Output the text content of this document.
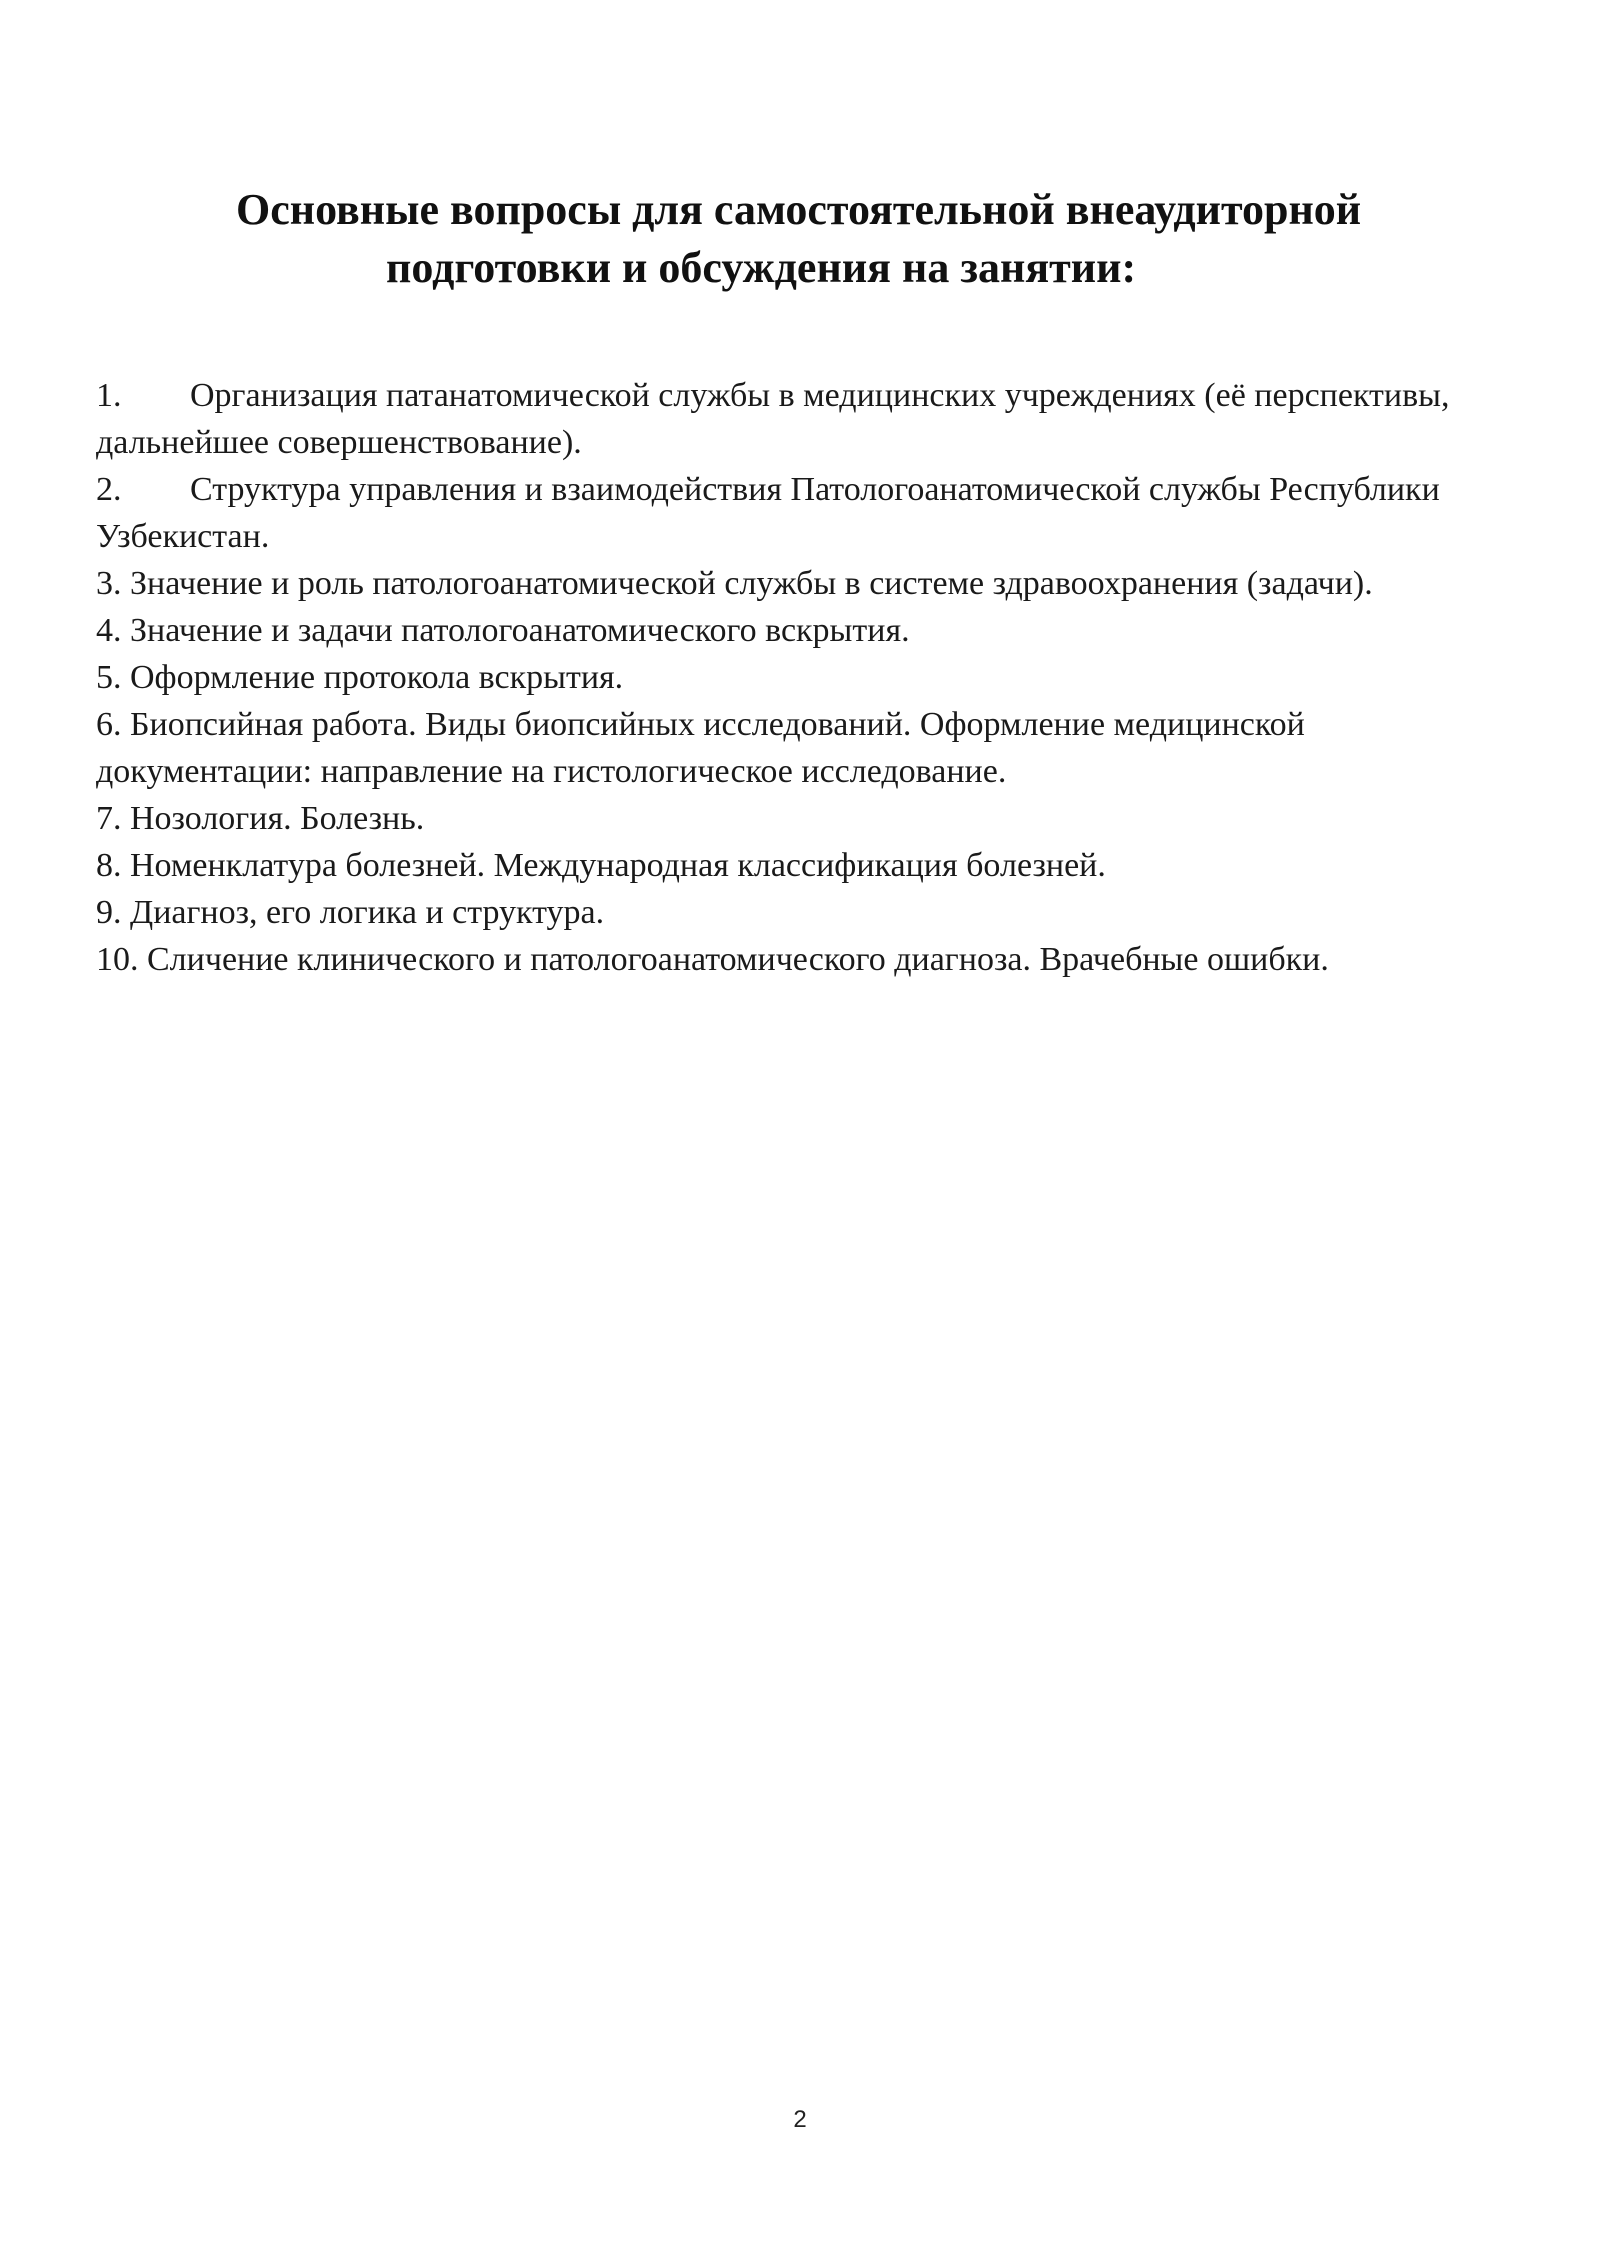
Основные вопросы для самостоятельной внеаудиторной
подготовки и обсуждения на занятии:
1. Организация патанатомической службы в медицинских учреждениях (её перспективы, дальнейшее совершенствование).
2. Структура управления и взаимодействия Патологоанатомической службы Республики Узбекистан.
3. Значение и роль патологоанатомической службы в системе здравоохранения (задачи).
4. Значение и задачи патологоанатомического вскрытия.
5. Оформление протокола вскрытия.
6. Биопсийная работа. Виды биопсийных исследований. Оформление медицинской документации: направление на гистологическое исследование.
7. Нозология. Болезнь.
8. Номенклатура болезней. Международная классификация болезней.
9. Диагноз, его логика и структура.
10. Сличение клинического и патологоанатомического диагноза. Врачебные ошибки.
2
